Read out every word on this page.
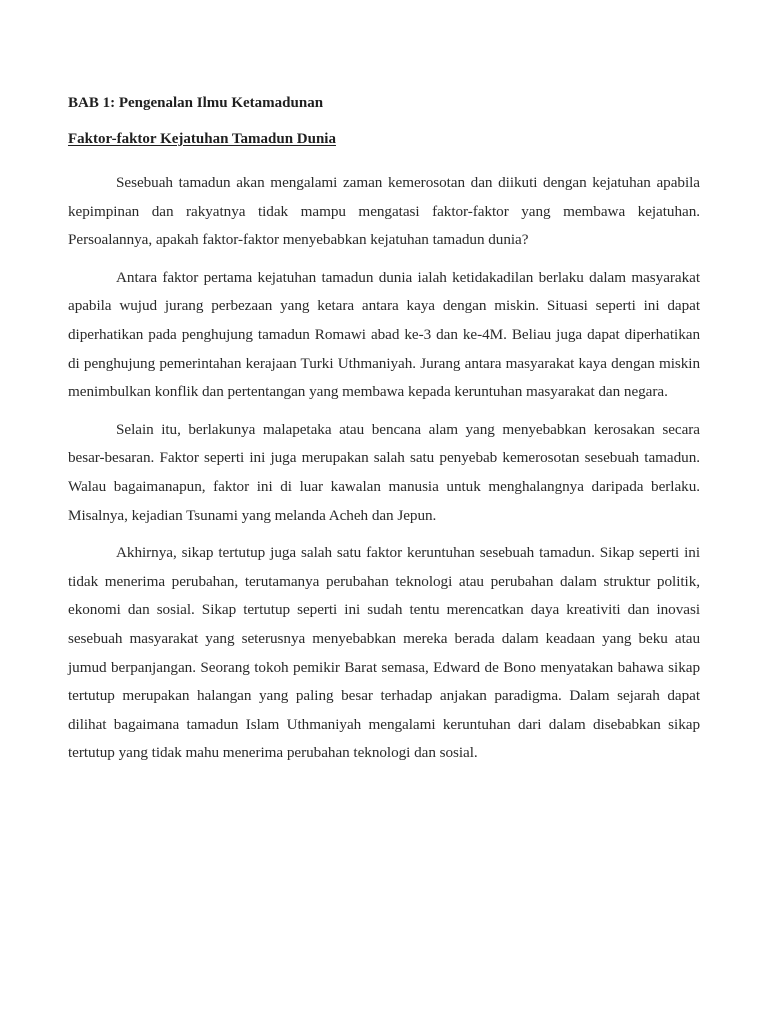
BAB 1: Pengenalan Ilmu Ketamadunan
Faktor-faktor Kejatuhan Tamadun Dunia

Sesebuah tamadun akan mengalami zaman kemerosotan dan diikuti dengan kejatuhan apabila kepimpinan dan rakyatnya tidak mampu mengatasi faktor-faktor yang membawa kejatuhan. Persoalannya, apakah faktor-faktor menyebabkan kejatuhan tamadun dunia?

Antara faktor pertama kejatuhan tamadun dunia ialah ketidakadilan berlaku dalam masyarakat apabila wujud jurang perbezaan yang ketara antara kaya dengan miskin. Situasi seperti ini dapat diperhatikan pada penghujung tamadun Romawi abad ke-3 dan ke-4M. Beliau juga dapat diperhatikan di penghujung pemerintahan kerajaan Turki Uthmaniyah. Jurang antara masyarakat kaya dengan miskin menimbulkan konflik dan pertentangan yang membawa kepada keruntuhan masyarakat dan negara.

Selain itu, berlakunya malapetaka atau bencana alam yang menyebabkan kerosakan secara besar-besaran. Faktor seperti ini juga merupakan salah satu penyebab kemerosotan sesebuah tamadun. Walau bagaimanapun, faktor ini di luar kawalan manusia untuk menghalangnya daripada berlaku. Misalnya, kejadian Tsunami yang melanda Acheh dan Jepun.

Akhirnya, sikap tertutup juga salah satu faktor keruntuhan sesebuah tamadun. Sikap seperti ini tidak menerima perubahan, terutamanya perubahan teknologi atau perubahan dalam struktur politik, ekonomi dan sosial. Sikap tertutup seperti ini sudah tentu merencatkan daya kreativiti dan inovasi sesebuah masyarakat yang seterusnya menyebabkan mereka berada dalam keadaan yang beku atau jumud berpanjangan. Seorang tokoh pemikir Barat semasa, Edward de Bono menyatakan bahawa sikap tertutup merupakan halangan yang paling besar terhadap anjakan paradigma. Dalam sejarah dapat dilihat bagaimana tamadun Islam Uthmaniyah mengalami keruntuhan dari dalam disebabkan sikap tertutup yang tidak mahu menerima perubahan teknologi dan sosial.
